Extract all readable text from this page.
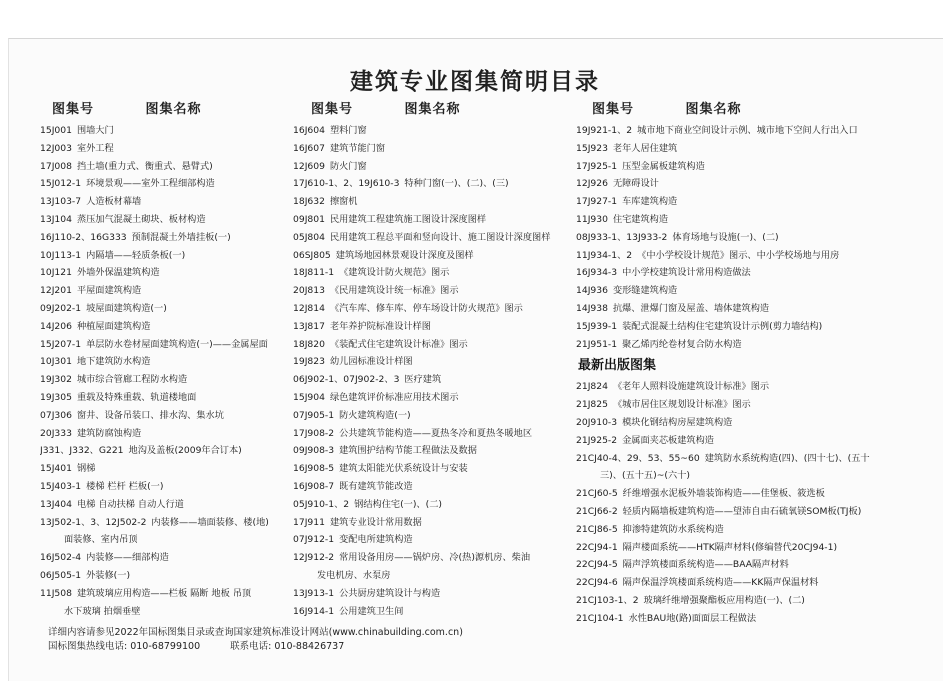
建筑专业图集简明目录
图集号	图集名称
15J001 围墙大门
12J003 室外工程
17J008 挡土墙(重力式、衡重式、悬臂式)
15J012-1 环境景观——室外工程细部构造
13J103-7 人造板材幕墙
13J104 蒸压加气混凝土砌块、板材构造
16J110-2、16G333 预制混凝土外墙挂板(一)
10J113-1 内隔墙——轻质条板(一)
10J121 外墙外保温建筑构造
12J201 平屋面建筑构造
09J202-1 坡屋面建筑构造(一)
14J206 种植屋面建筑构造
15J207-1 单层防水卷材屋面建筑构造(一)——金属屋面
10J301 地下建筑防水构造
19J302 城市综合管廊工程防水构造
19J305 重载及特殊重载、轨道楼地面
07J306 窗井、设备吊装口、排水沟、集水坑
20J333 建筑防腐蚀构造
J331、J332、G221 地沟及盖板(2009年合订本)
15J401 钢梯
15J403-1 楼梯 栏杆 栏板(一)
13J404 电梯 自动扶梯 自动人行道
13J502-1、3、12J502-2 内装修——墙面装修、楼(地)
面装修、室内吊顶
16J502-4 内装修——细部构造
06J505-1 外装修(一)
11J508 建筑玻璃应用构造——栏板 隔断 地板 吊顶
水下玻璃 拍烟垂壁
图集号	图集名称
16J604 塑料门窗
16J607 建筑节能门窗
12J609 防火门窗
17J610-1、2、19J610-3 特种门窗(一)、(二)、(三)
18J632 擦窗机
09J801 民用建筑工程建筑施工图设计深度图样
05J804 民用建筑工程总平面和竖向设计、施工图设计深度图样
06SJ805 建筑场地园林景观设计深度及图样
18J811-1 《建筑设计防火规范》图示
20J813 《民用建筑设计统一标准》图示
12J814 《汽车库、修车库、停车场设计防火规范》图示
13J817 老年养护院标准设计样图
18J820 《装配式住宅建筑设计标准》图示
19J823 幼儿园标准设计样图
06J902-1、07J902-2、3 医疗建筑
15J904 绿色建筑评价标准应用技术图示
07J905-1 防火建筑构造(一)
17J908-2 公共建筑节能构造——夏热冬冷和夏热冬暖地区
09J908-3 建筑围护结构节能工程做法及数据
16J908-5 建筑太阳能光伏系统设计与安装
16J908-7 既有建筑节能改造
05J910-1、2 钢结构住宅(一)、(二)
17J911 建筑专业设计常用数据
07J912-1 变配电所建筑构造
12J912-2 常用设备用房——锅炉房、冷(热)源机房、柴油
发电机房、水泵房
13J913-1 公共厨房建筑设计与构造
16J914-1 公用建筑卫生间
图集号	图集名称
19J921-1、2 城市地下商业空间设计示例、城市地下空间人行出入口
15J923 老年人居住建筑
17J925-1 压型金属板建筑构造
12J926 无障碍设计
17J927-1 车库建筑构造
11J930 住宅建筑构造
08J933-1、13J933-2 体育场地与设施(一)、(二)
11J934-1、2 《中小学校设计规范》图示、中小学校场地与用房
16J934-3 中小学校建筑设计常用构造做法
14J936 变形缝建筑构造
14J938 抗爆、泄爆门窗及屋盖、墙体建筑构造
15J939-1 装配式混凝土结构住宅建筑设计示例(剪力墙结构)
21J951-1 聚乙烯丙纶卷材复合防水构造
最新出版图集
21J824 《老年人照料设施建筑设计标准》图示
21J825 《城市居住区规划设计标准》图示
20J910-3 模块化钢结构房屋建筑构造
21J925-2 金属面夹芯板建筑构造
21CJ40-4、29、53、55~60 建筑防水系统构造(四)、(四十七)、(五十
三)、(五十五)~(六十)
21CJ60-5 纤维增强水泥板外墙装饰构造——佳堡板、筱选板
21CJ66-2 轻质内隔墙板建筑构造——望沛自由石硫氧镁SOM板(TJ板)
21CJ86-5 抑渗特建筑防水系统构造
22CJ94-1 隔声楼面系统——HTK隔声材料(修编替代20CJ94-1)
22CJ94-5 隔声浮筑楼面系统构造——BAA隔声材料
22CJ94-6 隔声保温浮筑楼面系统构造——KK隔声保温材料
21CJ103-1、2 玻璃纤维增强聚酯板应用构造(一)、(二)
21CJ104-1 水性BAU地(路)面面层工程做法
详细内容请参见2022年国标图集目录或查询国家建筑标准设计网站(www.chinabuilding.com.cn)
国标图集热线电话: 010-68799100	联系电话: 010-88426737
